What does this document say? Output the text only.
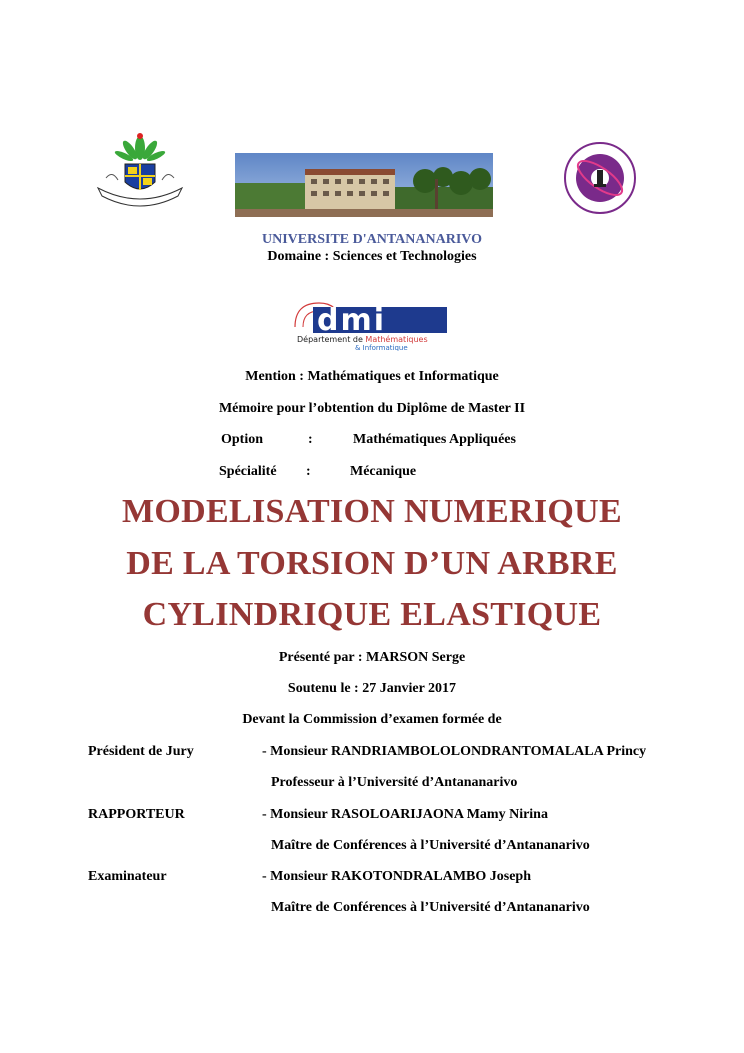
UNIVERSITE D'ANTANANARIVO
Domaine : Sciences et Technologies
dmi
Département de Mathématiques
& Informatique
Mention : Mathématiques et Informatique
Mémoire pour l’obtention du Diplôme de Master II
Option	:	Mathématiques Appliquées
Spécialité :	Mécanique
MODELISATION NUMERIQUE
DE LA TORSION D’UN ARBRE
CYLINDRIQUE ELASTIQUE
Présenté par : MARSON Serge
Soutenu le : 27 Janvier 2017
Devant la Commission d’examen formée de
Président de Jury	- Monsieur RANDRIAMBOLOLONDRANTOMALALA Princy
Professeur à l’Université d’Antananarivo
RAPPORTEUR	- Monsieur RASOLOARIJAONA Mamy Nirina
Maître de Conférences à l’Université d’Antananarivo
Examinateur	- Monsieur RAKOTONDRALAMBO Joseph
Maître de Conférences à l’Université d’Antananarivo
